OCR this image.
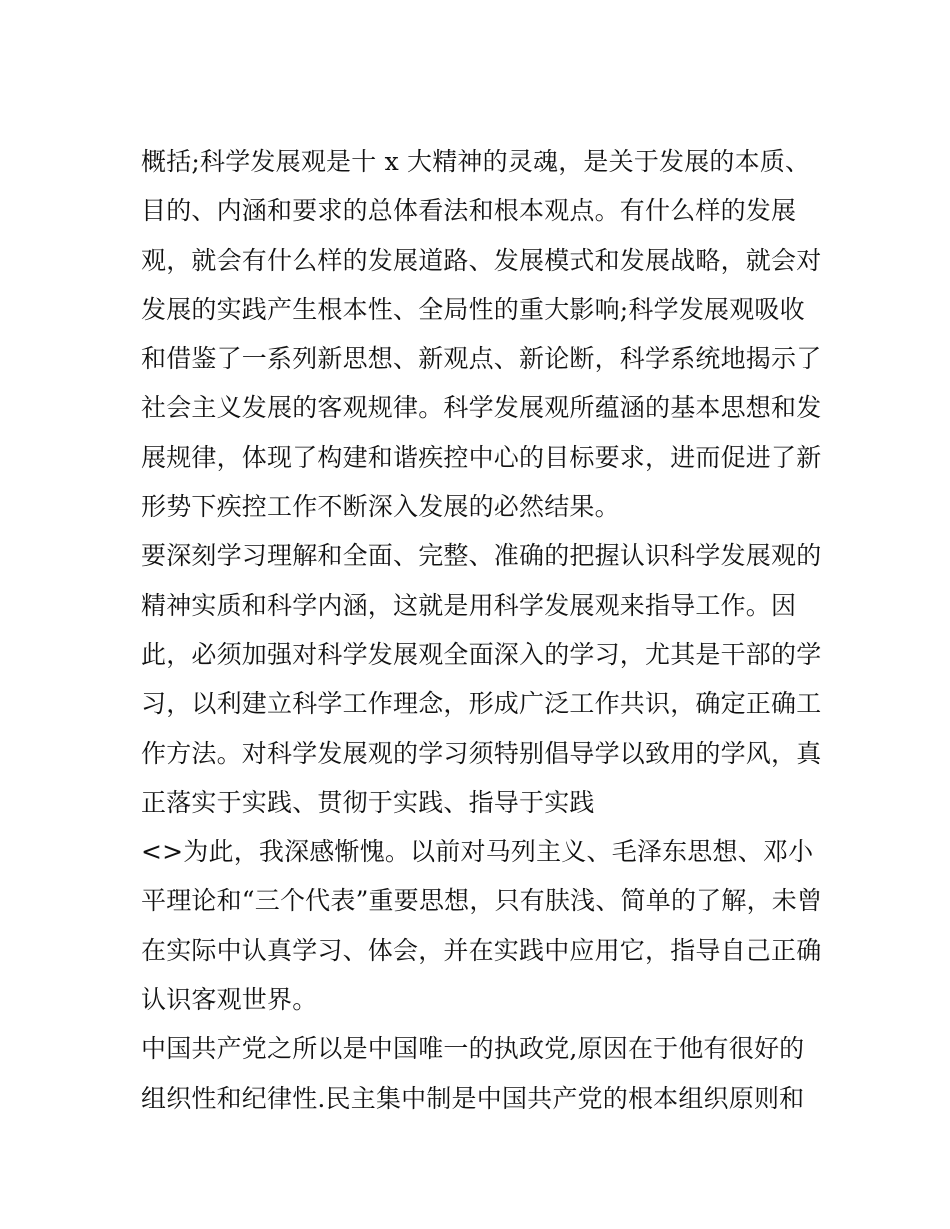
概括;科学发展观是十 x 大精神的灵魂，是关于发展的本质、
目的、内涵和要求的总体看法和根本观点。有什么样的发展
观，就会有什么样的发展道路、发展模式和发展战略，就会对
发展的实践产生根本性、全局性的重大影响;科学发展观吸收
和借鉴了一系列新思想、新观点、新论断，科学系统地揭示了
社会主义发展的客观规律。科学发展观所蕴涵的基本思想和发
展规律，体现了构建和谐疾控中心的目标要求，进而促进了新
形势下疾控工作不断深入发展的必然结果。
要深刻学习理解和全面、完整、准确的把握认识科学发展观的
精神实质和科学内涵，这就是用科学发展观来指导工作。因
此，必须加强对科学发展观全面深入的学习，尤其是干部的学
习，以利建立科学工作理念，形成广泛工作共识，确定正确工
作方法。对科学发展观的学习须特别倡导学以致用的学风，真
正落实于实践、贯彻于实践、指导于实践
<>为此，我深感惭愧。以前对马列主义、毛泽东思想、邓小
平理论和“三个代表”重要思想，只有肤浅、简单的了解，未曾
在实际中认真学习、体会，并在实践中应用它，指导自己正确
认识客观世界。
中国共产党之所以是中国唯一的执政党,原因在于他有很好的
组织性和纪律性.民主集中制是中国共产党的根本组织原则和
